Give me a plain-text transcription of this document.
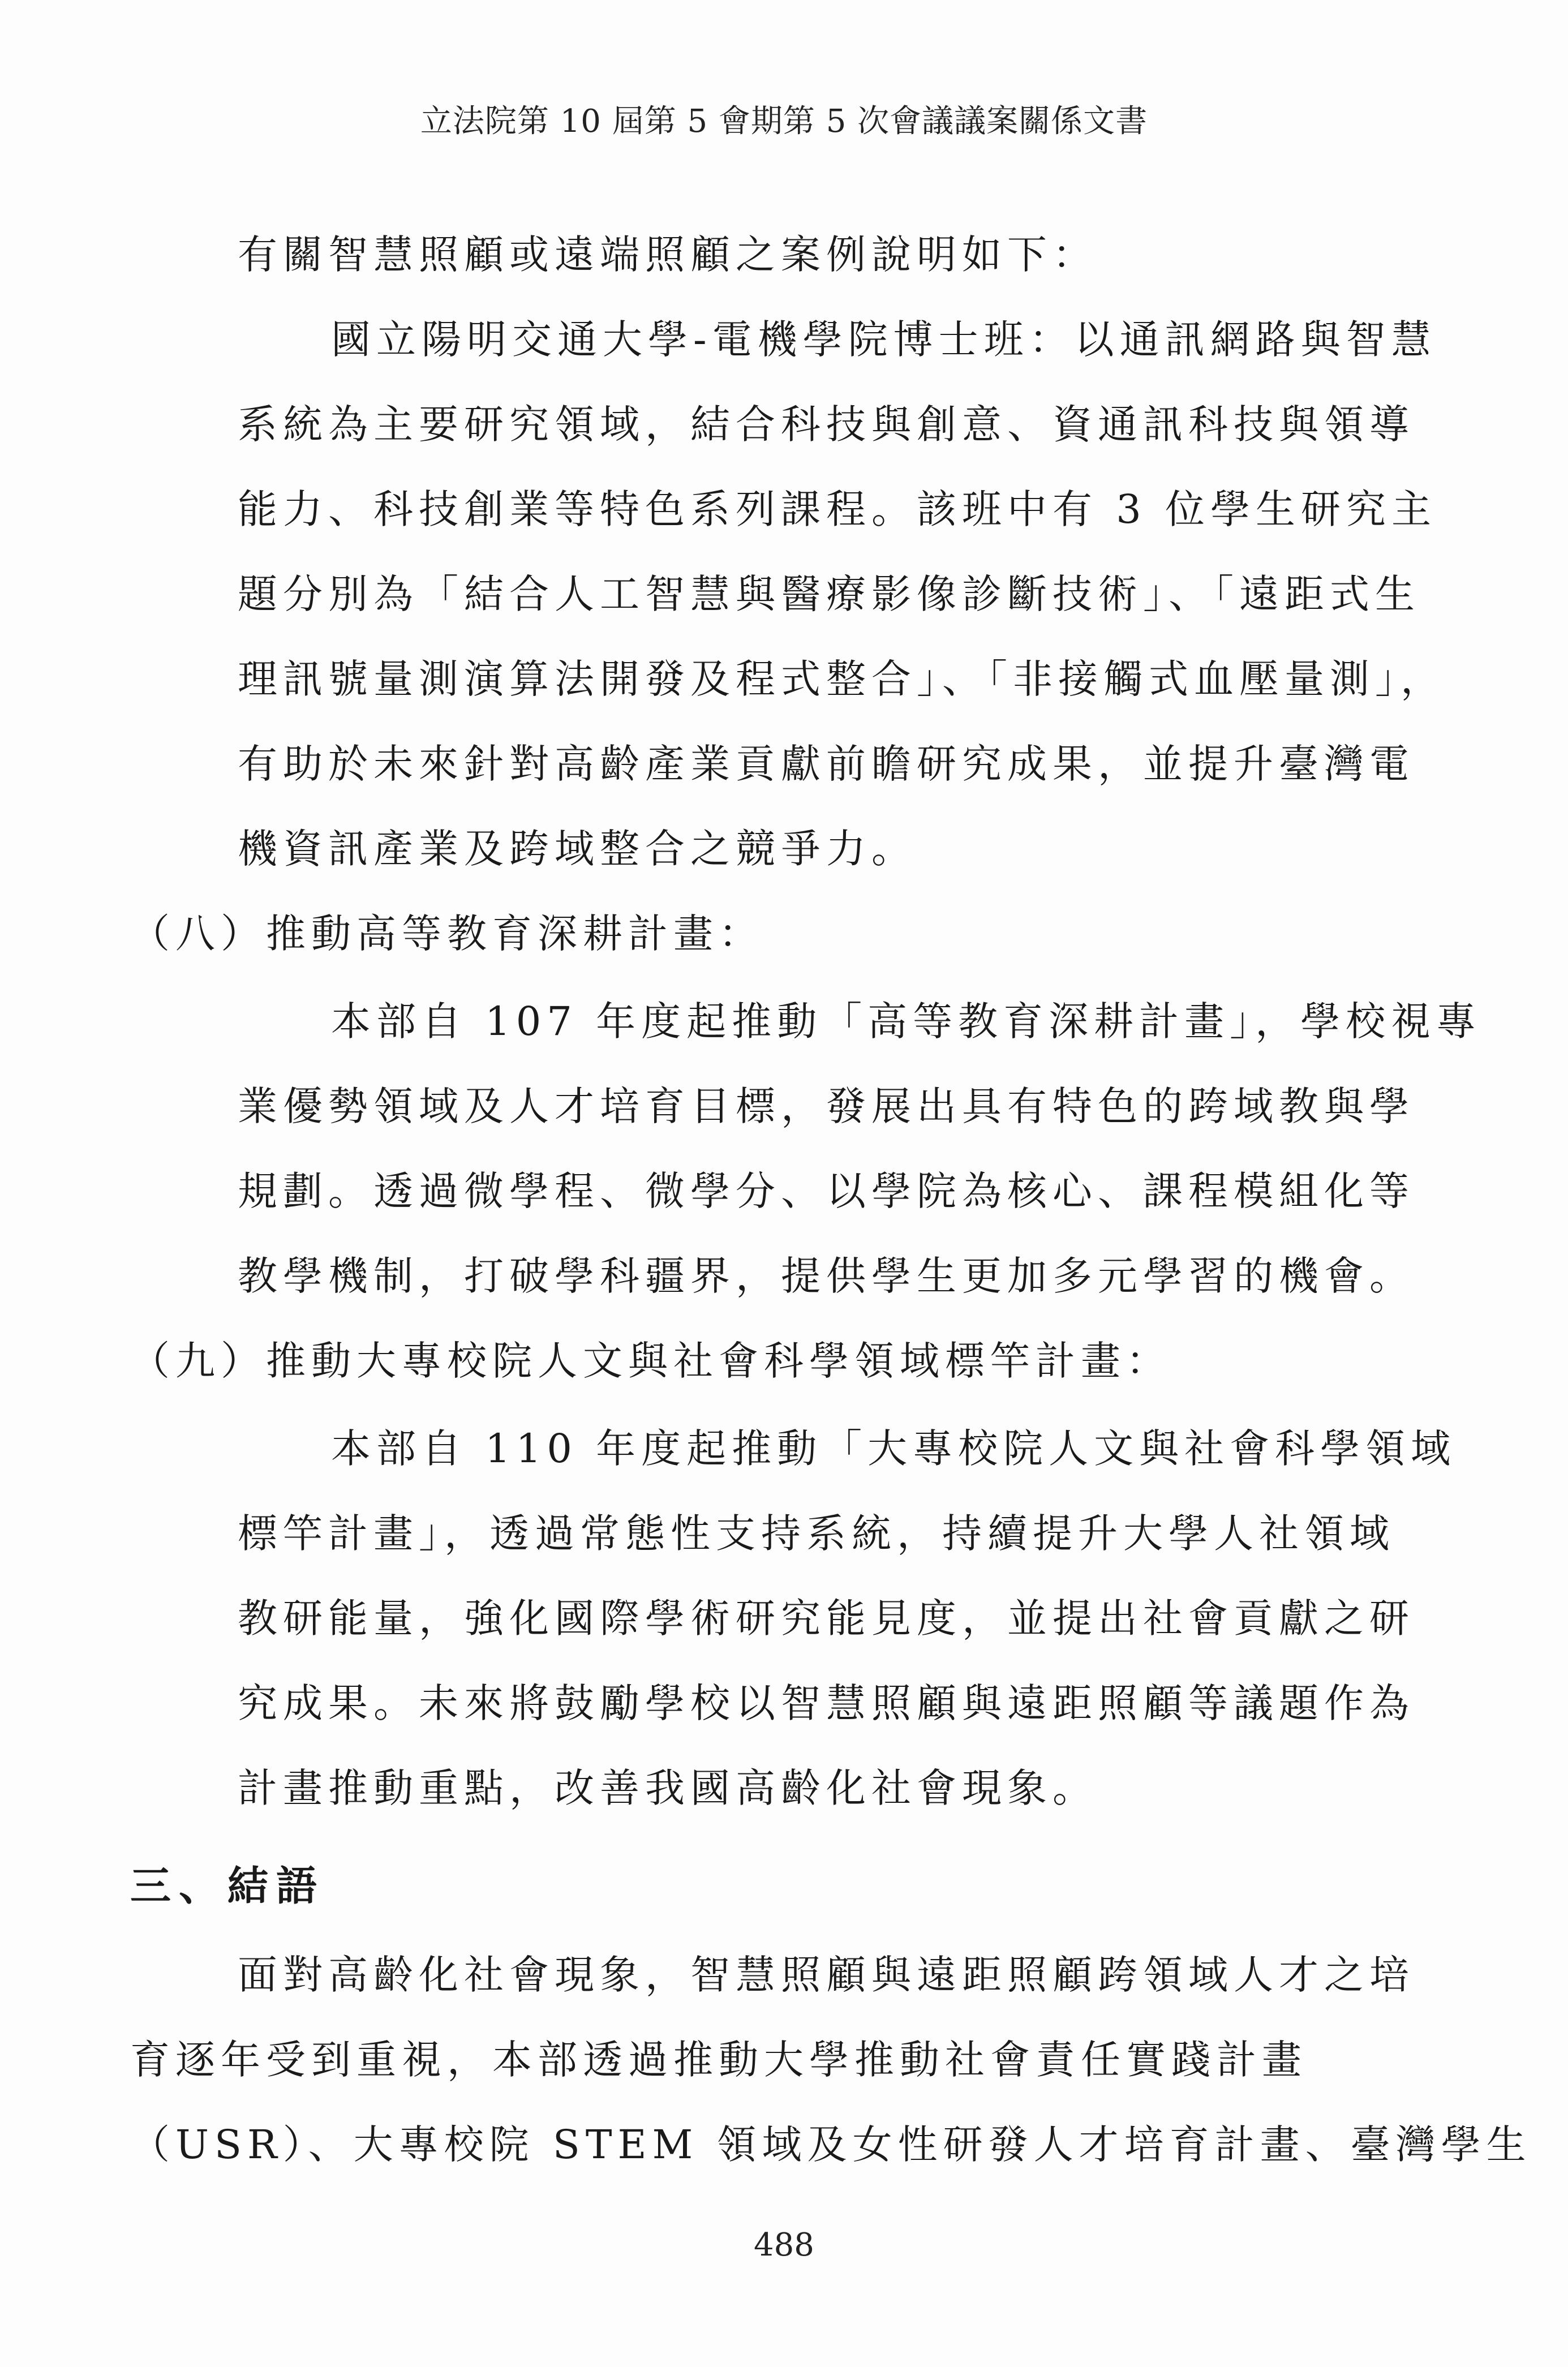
立法院第 10 屆第 5 會期第 5 次會議議案關係文書
有關智慧照顧或遠端照顧之案例說明如下：
國立陽明交通大學-電機學院博士班：以通訊網路與智慧
系統為主要研究領域，結合科技與創意、資通訊科技與領導
能力、科技創業等特色系列課程。該班中有 3 位學生研究主
題分別為「結合人工智慧與醫療影像診斷技術」、「遠距式生
理訊號量測演算法開發及程式整合」、「非接觸式血壓量測」，
有助於未來針對高齡產業貢獻前瞻研究成果，並提升臺灣電
機資訊產業及跨域整合之競爭力。
（八）推動高等教育深耕計畫：
本部自 107 年度起推動「高等教育深耕計畫」，學校視專
業優勢領域及人才培育目標，發展出具有特色的跨域教與學
規劃。透過微學程、微學分、以學院為核心、課程模組化等
教學機制，打破學科疆界，提供學生更加多元學習的機會。
（九）推動大專校院人文與社會科學領域標竿計畫：
本部自 110 年度起推動「大專校院人文與社會科學領域
標竿計畫」，透過常態性支持系統，持續提升大學人社領域
教研能量，強化國際學術研究能見度，並提出社會貢獻之研
究成果。未來將鼓勵學校以智慧照顧與遠距照顧等議題作為
計畫推動重點，改善我國高齡化社會現象。
三、結語
面對高齡化社會現象，智慧照顧與遠距照顧跨領域人才之培
育逐年受到重視，本部透過推動大學推動社會責任實踐計畫
（USR）、大專校院 STEM 領域及女性研發人才培育計畫、臺灣學生
488
